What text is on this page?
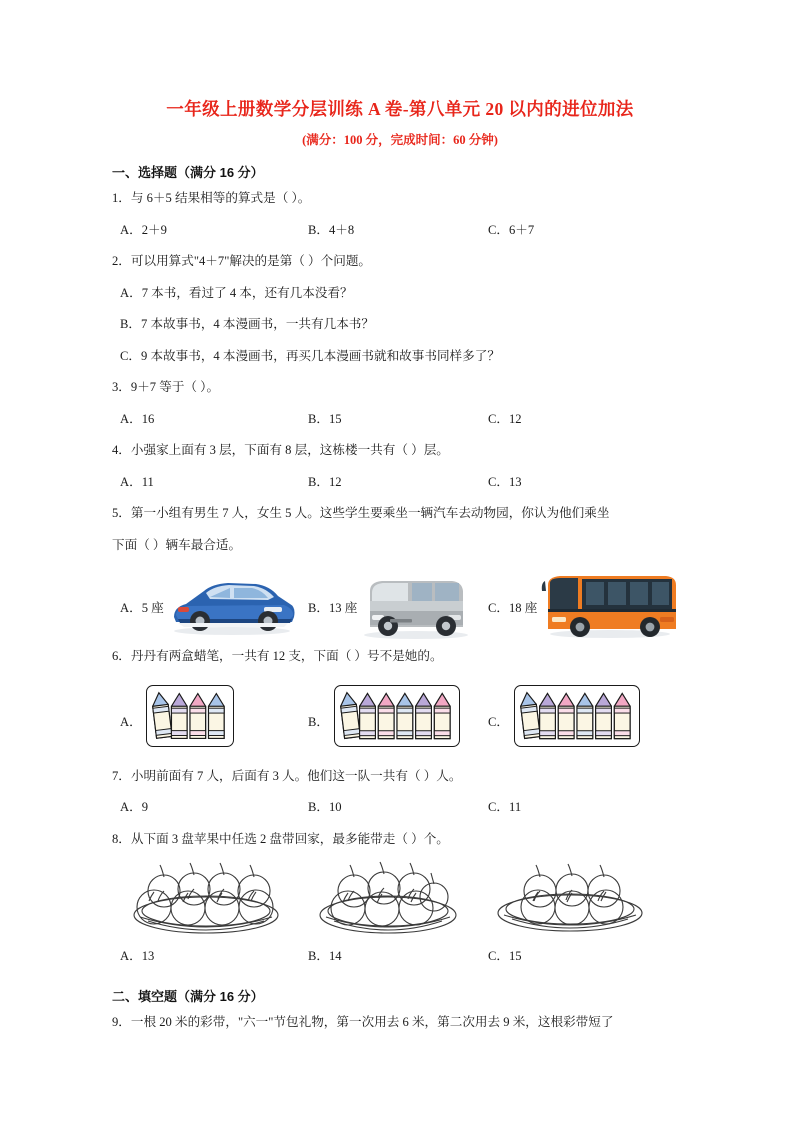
一年级上册数学分层训练 A 卷-第八单元 20 以内的进位加法
(满分：100 分，完成时间：60 分钟)
一、选择题（满分 16 分）
1．与 6＋5 结果相等的算式是（ ）。
A．2＋9	B．4＋8	C．6＋7
2．可以用算式"4＋7"解决的是第（ ）个问题。
A．7 本书，看过了 4 本，还有几本没看？
B．7 本故事书，4 本漫画书，一共有几本书？
C．9 本故事书，4 本漫画书，再买几本漫画书就和故事书同样多了？
3．9＋7 等于（ ）。
A．16	B．15	C．12
4．小强家上面有 3 层，下面有 8 层，这栋楼一共有（ ）层。
A．11	B．12	C．13
5．第一小组有男生 7 人，女生 5 人。这些学生要乘坐一辆汽车去动物园，你认为他们乘坐
下面（ ）辆车最合适。
A．5 座	B．13 座	C．18 座
6．丹丹有两盒蜡笔，一共有 12 支，下面（ ）号不是她的。
A．	B．	C．
7．小明前面有 7 人，后面有 3 人。他们这一队一共有（ ）人。
A．9	B．10	C．11
8．从下面 3 盘苹果中任选 2 盘带回家，最多能带走（ ）个。
A．13	B．14	C．15
二、填空题（满分 16 分）
9．一根 20 米的彩带，"六一"节包礼物，第一次用去 6 米，第二次用去 9 米，这根彩带短了
